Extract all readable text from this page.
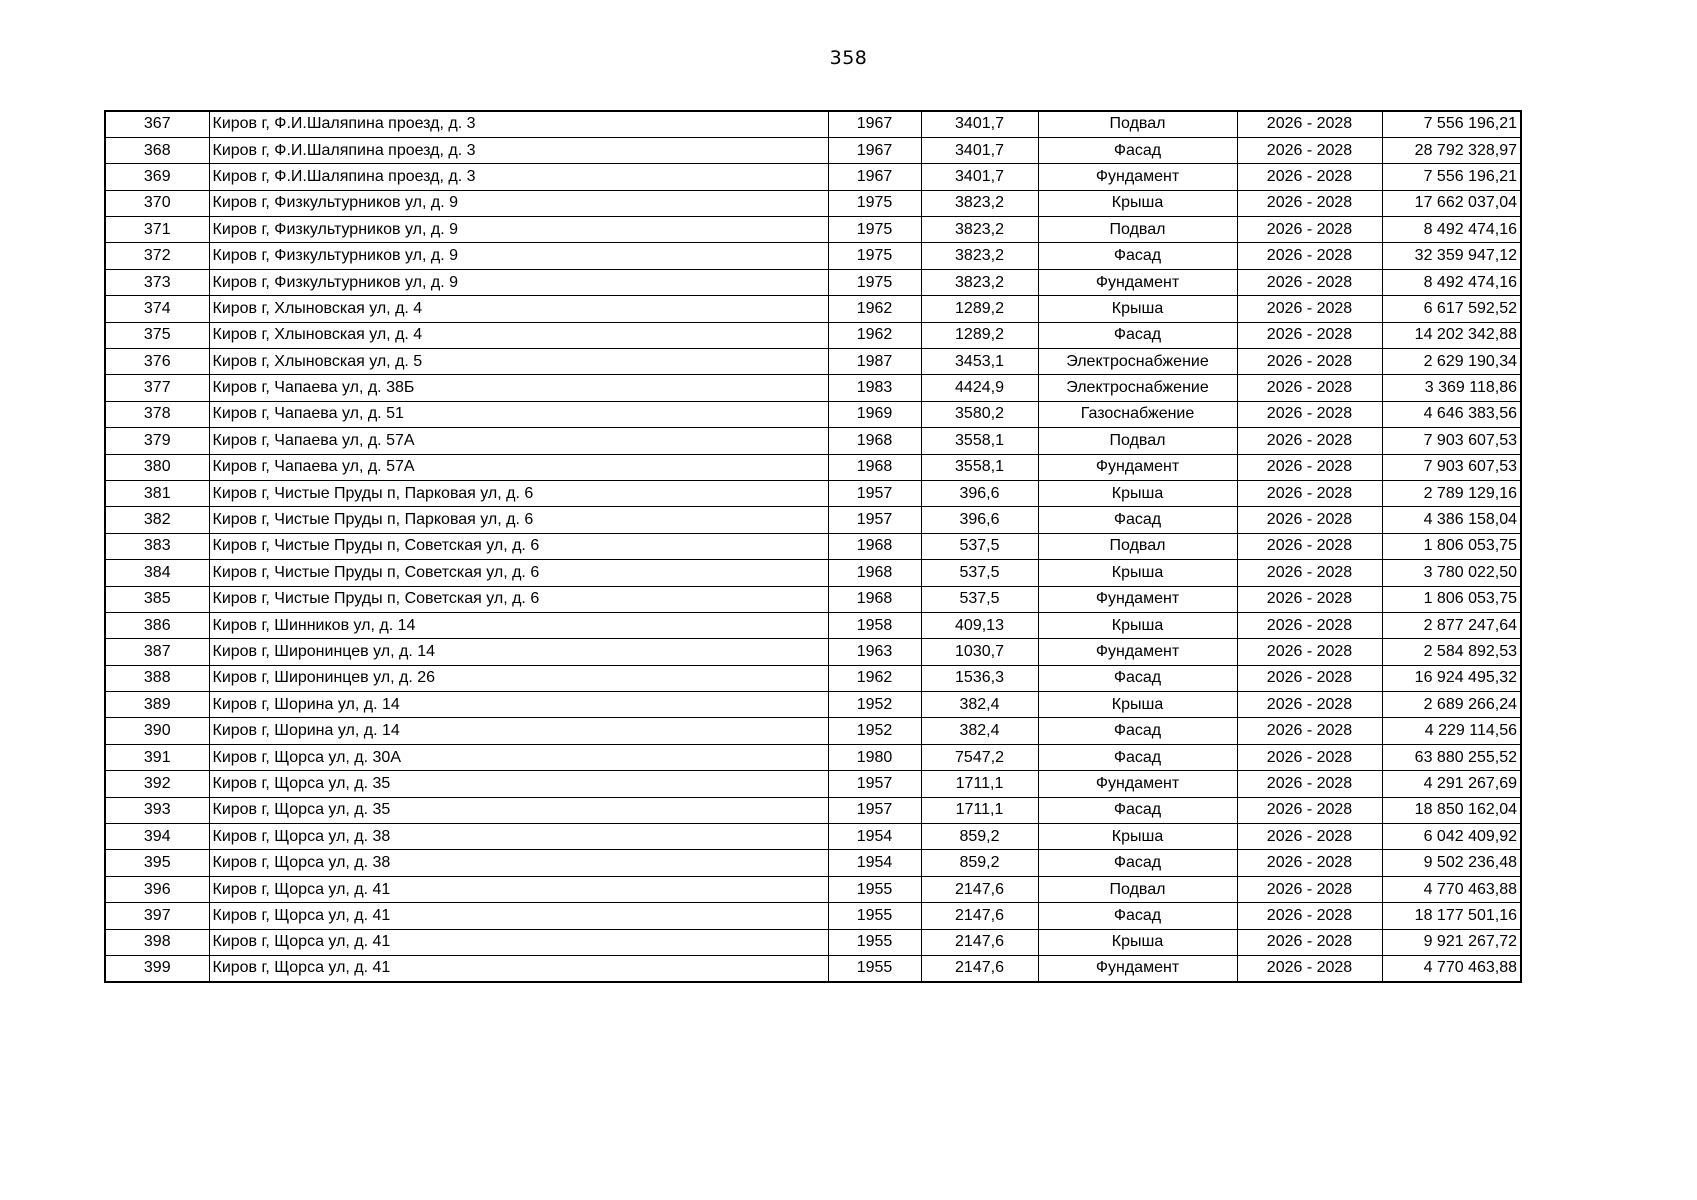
358
367	Киров г, Ф.И.Шаляпина проезд, д. 3	1967	3401,7	Подвал	2026 - 2028	7 556 196,21
368	Киров г, Ф.И.Шаляпина проезд, д. 3	1967	3401,7	Фасад	2026 - 2028	28 792 328,97
369	Киров г, Ф.И.Шаляпина проезд, д. 3	1967	3401,7	Фундамент	2026 - 2028	7 556 196,21
370	Киров г, Физкультурников ул, д. 9	1975	3823,2	Крыша	2026 - 2028	17 662 037,04
371	Киров г, Физкультурников ул, д. 9	1975	3823,2	Подвал	2026 - 2028	8 492 474,16
372	Киров г, Физкультурников ул, д. 9	1975	3823,2	Фасад	2026 - 2028	32 359 947,12
373	Киров г, Физкультурников ул, д. 9	1975	3823,2	Фундамент	2026 - 2028	8 492 474,16
374	Киров г, Хлыновская ул, д. 4	1962	1289,2	Крыша	2026 - 2028	6 617 592,52
375	Киров г, Хлыновская ул, д. 4	1962	1289,2	Фасад	2026 - 2028	14 202 342,88
376	Киров г, Хлыновская ул, д. 5	1987	3453,1	Электроснабжение	2026 - 2028	2 629 190,34
377	Киров г, Чапаева ул, д. 38Б	1983	4424,9	Электроснабжение	2026 - 2028	3 369 118,86
378	Киров г, Чапаева ул, д. 51	1969	3580,2	Газоснабжение	2026 - 2028	4 646 383,56
379	Киров г, Чапаева ул, д. 57А	1968	3558,1	Подвал	2026 - 2028	7 903 607,53
380	Киров г, Чапаева ул, д. 57А	1968	3558,1	Фундамент	2026 - 2028	7 903 607,53
381	Киров г, Чистые Пруды п, Парковая ул, д. 6	1957	396,6	Крыша	2026 - 2028	2 789 129,16
382	Киров г, Чистые Пруды п, Парковая ул, д. 6	1957	396,6	Фасад	2026 - 2028	4 386 158,04
383	Киров г, Чистые Пруды п, Советская ул, д. 6	1968	537,5	Подвал	2026 - 2028	1 806 053,75
384	Киров г, Чистые Пруды п, Советская ул, д. 6	1968	537,5	Крыша	2026 - 2028	3 780 022,50
385	Киров г, Чистые Пруды п, Советская ул, д. 6	1968	537,5	Фундамент	2026 - 2028	1 806 053,75
386	Киров г, Шинников ул, д. 14	1958	409,13	Крыша	2026 - 2028	2 877 247,64
387	Киров г, Широнинцев ул, д. 14	1963	1030,7	Фундамент	2026 - 2028	2 584 892,53
388	Киров г, Широнинцев ул, д. 26	1962	1536,3	Фасад	2026 - 2028	16 924 495,32
389	Киров г, Шорина ул, д. 14	1952	382,4	Крыша	2026 - 2028	2 689 266,24
390	Киров г, Шорина ул, д. 14	1952	382,4	Фасад	2026 - 2028	4 229 114,56
391	Киров г, Щорса ул, д. 30А	1980	7547,2	Фасад	2026 - 2028	63 880 255,52
392	Киров г, Щорса ул, д. 35	1957	1711,1	Фундамент	2026 - 2028	4 291 267,69
393	Киров г, Щорса ул, д. 35	1957	1711,1	Фасад	2026 - 2028	18 850 162,04
394	Киров г, Щорса ул, д. 38	1954	859,2	Крыша	2026 - 2028	6 042 409,92
395	Киров г, Щорса ул, д. 38	1954	859,2	Фасад	2026 - 2028	9 502 236,48
396	Киров г, Щорса ул, д. 41	1955	2147,6	Подвал	2026 - 2028	4 770 463,88
397	Киров г, Щорса ул, д. 41	1955	2147,6	Фасад	2026 - 2028	18 177 501,16
398	Киров г, Щорса ул, д. 41	1955	2147,6	Крыша	2026 - 2028	9 921 267,72
399	Киров г, Щорса ул, д. 41	1955	2147,6	Фундамент	2026 - 2028	4 770 463,88
